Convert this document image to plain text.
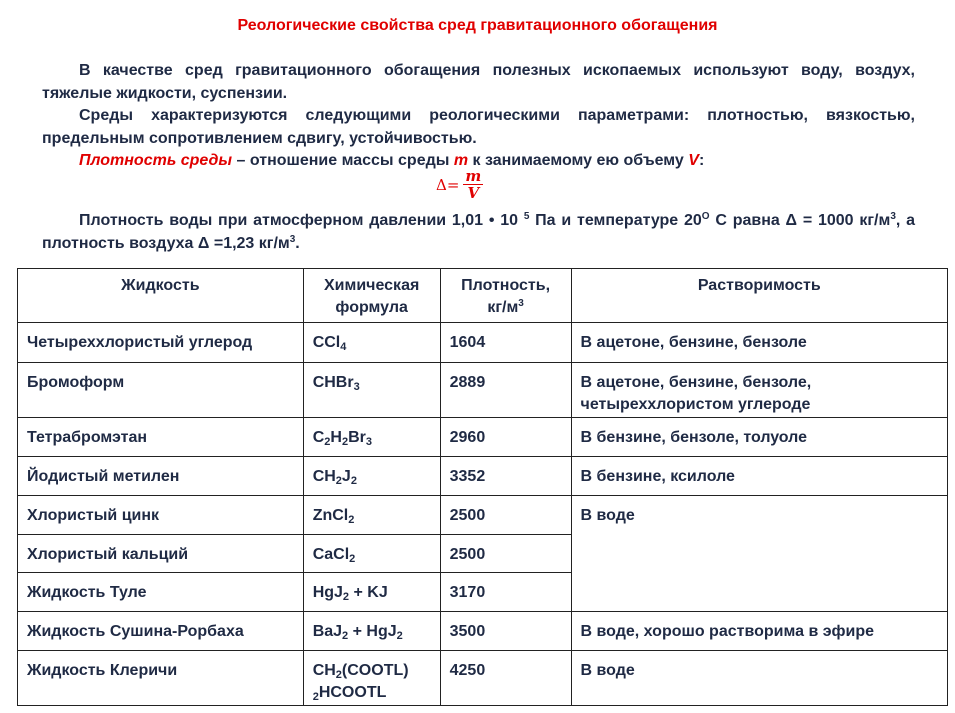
Реологические свойства сред гравитационного обогащения
В качестве сред гравитационного обогащения полезных ископаемых используют воду, воздух, тяжелые жидкости, суспензии.
Среды характеризуются следующими реологическими параметрами: плотностью, вязкостью, предельным сопротивлением сдвигу, устойчивостью.
Плотность среды – отношение массы среды m к занимаемому ею объему V:
$\Delta= \frac{m}{V}$
Плотность воды при атмосферном давлении 1,01 • 10 $^5$ Па и температуре $20^O$ С равна Δ = 1000 $кг/м^3$, а плотность воздуха Δ =1,23 $кг/м^3$.
Жидкость	Химическая формула	Плотность, $кг/м^3$	Растворимость
Четыреххлористый углерод	CCl$_4$	1604	В ацетоне, бензине, бензоле
Бромоформ	CHBr$_3$	2889	В ацетоне, бензине, бензоле, четыреххлористом углероде
Тетрабромэтан	$C_2H_2Br_3$	2960	В бензине, бензоле, толуоле
Йодистый метилен	$CH_2J_2$	3352	В бензине, ксилоле
Хлористый цинк	ZnCl$_2$	2500	В воде
Хлористый кальций	CaCl$_2$	2500	
Жидкость Туле	HgJ$_2$ + KJ	3170	
Жидкость Сушина-Рорбаха	BaJ$_2$ + HgJ$_2$	3500	В воде, хорошо растворима в эфире
Жидкость Клеричи	$CH_2(COOTL)$ $_2$HCOOTL	4250	В воде
